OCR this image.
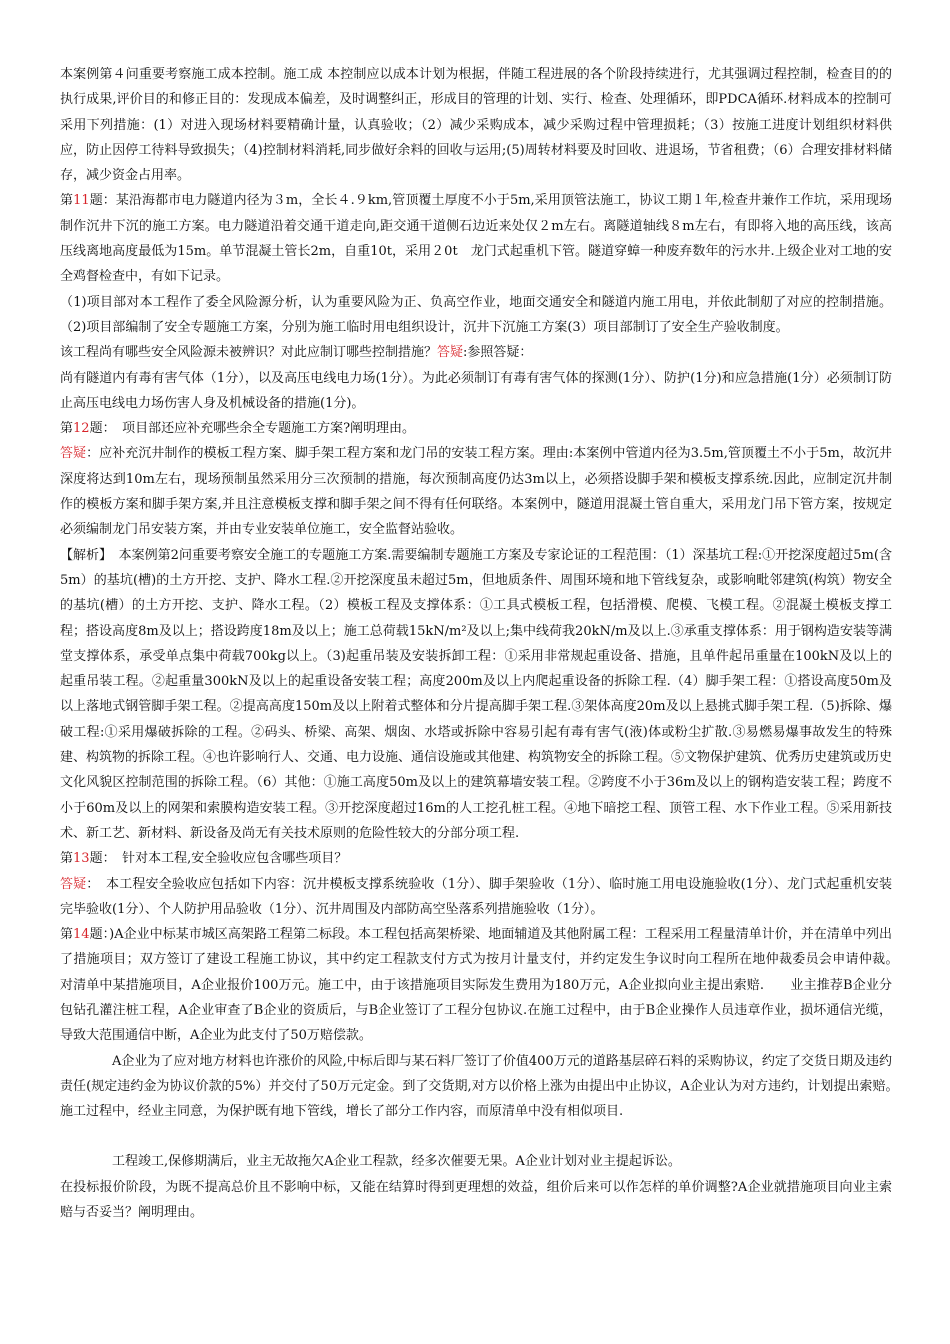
本案例第４问重要考察施工成本控制。施工成 本控制应以成本计划为根据，伴随工程进展的各个阶段持续进行，尤其强调过程控制，检查目的的执行成果,评价目的和修正目的：发现成本偏差，及时调整纠正，形成目的管理的计划、实行、检查、处理循环，即PDCA循环.材料成本的控制可采用下列措施：(1）对进入现场材料要精确计量，认真验收；（2）减少采购成本，减少采购过程中管理损耗；（3）按施工进度计划组织材料供应，防止因停工待料导致损失；（4)控制材料消耗,同步做好余料的回收与运用;(5)周转材料要及时回收、进退场，节省租费；（6）合理安排材料储存，减少资金占用率。

第11题：某沿海都市电力隧道内径为３m，全长４.９km,管顶覆土厚度不小于5m,采用顶管法施工，协议工期１年,检查井兼作工作坑，采用现场制作沉井下沉的施工方案。电力隧道沿着交通干道走向,距交通干道侧石边近来处仅２m左右。离隧道轴线８m左右，有即将入地的高压线，该高压线离地高度最低为15m。单节混凝土管长2m，自重10t，采用２0t　龙门式起重机下管。隧道穿蟑一种废弃数年的污水井.上级企业对工地的安全鸡督检查中，有如下记录。

（1)项目部对本工程作了委全风险源分析，认为重要风险为正、负高空作业，地面交通安全和隧道内施工用电，并依此制舠了对应的控制措施。（2)项目部编制了安全专题施工方案，分别为施工临时用电组织设计，沉井下沉施工方案(3）项目部制订了安全生产验收制度。

该工程尚有哪些安全风险源未被辨识？对此应制订哪些控制措施？答疑:参照答疑：

尚有隧道内有毒有害气体（1分），以及高压电线电力场(1分）。为此必须制订有毒有害气体的探测(1分）、防护(1分)和应急措施(1分）必须制订防止高压电线电力场伤害人身及机械设备的措施(1分)。

第12题：　项目部还应补充哪些余全专题施工方案?阐明理由。

答疑：应补充沉井制作的模板工程方案、脚手架工程方案和龙门吊的安装工程方案。理由:本案例中管道内径为3.5m,管顶覆土不小于5m，故沉井深度将达到10m左右，现场预制虽然采用分三次预制的措施，每次预制高度仍达3m以上，必须搭设脚手架和模板支撑系统.因此，应制定沉井制作的模板方案和脚手架方案,并且注意模板支撑和脚手架之间不得有任何联络。本案例中，隧道用混凝土管自重大，采用龙门吊下管方案，按规定必须编制龙门吊安装方案，并由专业安装单位施工，安全监督站验收。

【解析】　本案例第2问重要考察安全施工的专题施工方案.需要编制专题施工方案及专家论证的工程范围：（1）深基坑工程:①开挖深度超过5m(含5m）的基坑(槽)的土方开挖、支护、降水工程.②开挖深度虽未超过5m，但地质条件、周围环境和地下管线复杂，或影响毗邻建筑(构筑）物安全的基坑(槽）的土方开挖、支护、降水工程。（2）模板工程及支撑体系：①工具式模板工程，包括滑模、爬模、飞模工程。②混凝土模板支撑工程；搭设高度8m及以上；搭设跨度18m及以上；施工总荷载15kN/m²及以上;集中线荷我20kN/m及以上.③承重支撑体系：用于钢构造安装等满堂支撑体系，承受单点集中荷载700kg以上。（3)起重吊装及安装拆卸工程：①采用非常规起重设备、措施，且单件起吊重量在100kN及以上的起重吊装工程。②起重量300kN及以上的起重设备安装工程；高度200m及以上内爬起重设备的拆除工程.（4）脚手架工程：①搭设高度50m及以上落地式钢管脚手架工程。②提高高度150m及以上附着式整体和分片提高脚手架工程.③架体高度20m及以上悬挑式脚手架工程.（5)拆除、爆破工程:①采用爆破拆除的工程。②码头、桥梁、高架、烟囱、水塔或拆除中容易引起有毒有害气(液)体或粉尘扩散.③易燃易爆事故发生的特殊建、构筑物的拆除工程。④也许影响行人、交通、电力设施、通信设施或其他建、构筑物安全的拆除工程。⑤文物保护建筑、优秀历史建筑或历史文化风貌区控制范围的拆除工程。（6）其他：①施工高度50m及以上的建筑幕墙安装工程。②跨度不小于36m及以上的钢构造安装工程；跨度不小于60m及以上的网架和索膜构造安装工程。③开挖深度超过16m的人工挖孔桩工程。④地下暗挖工程、顶管工程、水下作业工程。⑤采用新技术、新工艺、新材料、新设备及尚无有关技术原则的危险性较大的分部分项工程.

第13题：　针对本工程,安全验收应包含哪些项目？

答疑：　本工程安全验收应包括如下内容：沉井模板支撑系统验收（1分）、脚手架验收（1分）、临时施工用电设施验收(1分）、龙门式起重机安装完毕验收(1分）、个人防护用品验收（1分）、沉井周围及内部防高空坠落系列措施验收（1分）。

第14题：)A企业中标某市城区高架路工程第二标段。本工程包括高架桥梁、地面辅道及其他附属工程：工程采用工程量清单计价，并在清单中列出了措施项目；双方签订了建设工程施工协议，其中约定工程款支付方式为按月计量支付，并约定发生争议时向工程所在地仲裁委员会申请仲裁。　　　对清单中某措施项目，A企业报价100万元。施工中，由于该措施项目实际发生费用为180万元，A企业拟向业主提出索赔.　　业主推荐B企业分包钻孔灌注桩工程，A企业审查了B企业的资质后，与B企业签订了工程分包协议.在施工过程中，由于B企业操作人员违章作业，损坏通信光缆，导致大范围通信中断，A企业为此支付了50万赔偿款。

A企业为了应对地方材料也许涨价的风险,中标后即与某石料厂签订了价值400万元的道路基层碎石料的采购协议，约定了交货日期及违约责任(规定违约金为协议价款的5%）并交付了50万元定金。到了交货期,对方以价格上涨为由提出中止协议，A企业认为对方违约，计划提出索赔。　施工过程中，经业主同意，为保护既有地下管线，增长了部分工作内容，而原清单中没有相似项目.

工程竣工,保修期满后，业主无故拖欠A企业工程款，经多次催要无果。A企业计划对业主提起诉讼。

在投标报价阶段，为既不提高总价且不影响中标，又能在结算时得到更理想的效益，组价后来可以作怎样的单价调整?A企业就措施项目向业主索赔与否妥当？阐明理由。
